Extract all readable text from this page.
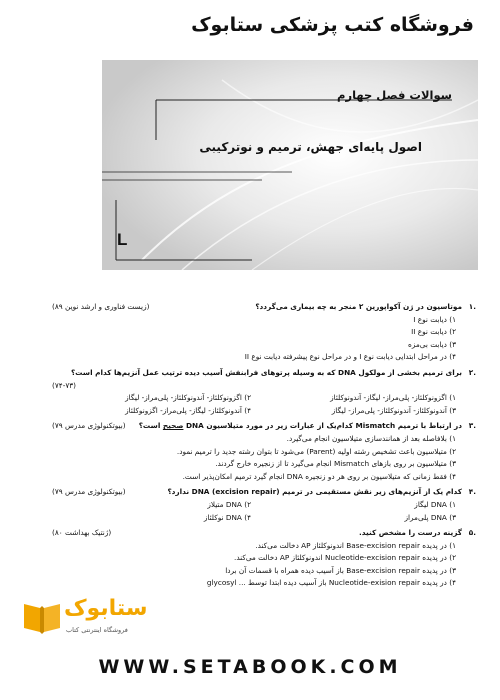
فروشگاه کتب پزشکی ستابوک
سوالات فصل چهارم
اصول پایه‌ای جهش، ترمیم و نوترکیبی
L
۱.
موتاسیون در ژن آکواپورین ۲ منجر به چه بیماری می‌گردد؟
(زیست فناوری و ارشد نوین ۸۹)
۱) دیابت نوع I
۲) دیابت نوع II
۳) دیابت بی‌مزه
۴) در مراحل ابتدایی دیابت نوع I و در مراحل نوع پیشرفته دیابت نوع II
۲.
برای ترمیم بخشی از مولکول DNA که به وسیله پرتوهای فرابنفش آسیب دیده ترتیب عمل آنزیم‌ها کدام است؟
(۷۴-۷۳)
۱) اگزونوکلئاز- پلی‌مراز- لیگاز- آندونوکلئاز
۲) اگزونوکلئاز- آندونوکلئاز- پلی‌مراز- لیگاز
۳) آندونوکلئاز- آندونوکلئاز- پلی‌مراز- لیگاز
۴) آندونوکلئاز- لیگاز- پلی‌مراز- اگزونوکلئاز
۳.
در ارتباط با ترمیم Mismatch کدام‌یک از عبارات زیر در مورد متیلاسیون DNA صحیح است؟
(بیوتکنولوژی مدرس ۷۹)
۱) بلافاصله بعد از همانندسازی متیلاسیون انجام می‌گیرد.
۲) متیلاسیون باعث تشخیص رشته اولیه (Parent) می‌شود تا بتوان رشته جدید را ترمیم نمود.
۳) متیلاسیون بر روی بازهای Mismatch انجام می‌گیرد تا از زنجیره خارج گردند.
۴) فقط زمانی که متیلاسیون بر روی هر دو زنجیره DNA انجام گیرد ترمیم امکان‌پذیر است.
۴.
کدام یک از آنزیم‌های زیر نقش مستقیمی در ترمیم DNA (excision repair) ندارد؟
(بیوتکنولوژی مدرس ۷۹)
۱) DNA لیگاز
۲) DNA متیلاز
۳) DNA پلی‌مراز
۴) DNA نوکلئاز
۵.
گزینه درست را مشخص کنید.
(ژنتیک بهداشت ۸۰)
۱) در پدیده Base-excision repair اندونوکلئاز AP دخالت می‌کند.
۲) در پدیده Nucleotide-excision repair اندونوکلئاز AP دخالت می‌کند.
۳) در پدیده Base-excision repair باز آسیب دیده همراه با قسمات آن بردا
۴) در پدیده Nucleotide-exision repair باز آسیب دیده ابتدا توسط ... glycosyl
ستابوک
فروشگاه اینترنتی کتاب
WWW.SETABOOK.COM
